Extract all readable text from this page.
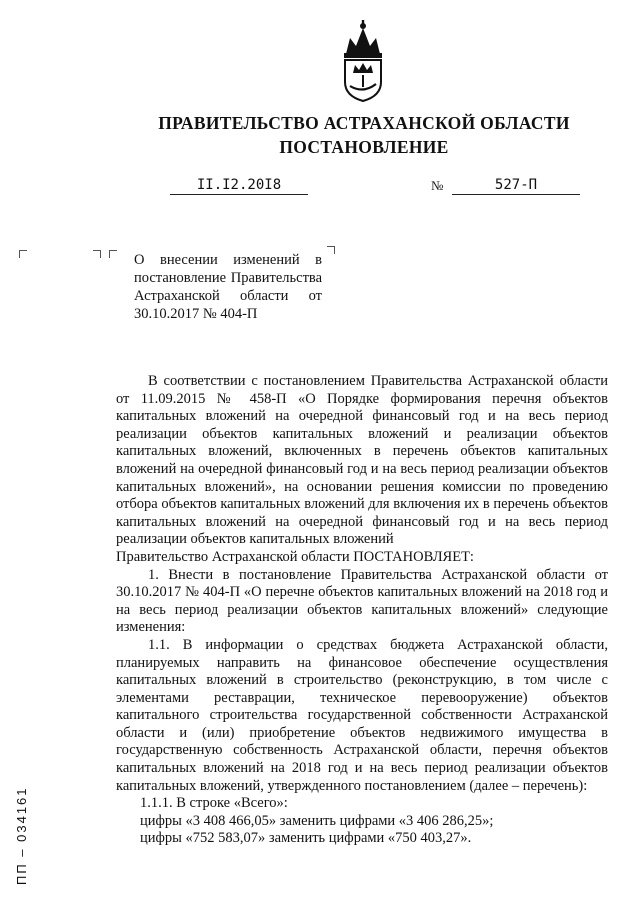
ПРАВИТЕЛЬСТВО АСТРАХАНСКОЙ ОБЛАСТИ
ПОСТАНОВЛЕНИЕ
II.I2.20I8	№	527-П
О внесении изменений в постановление Правительства Астраханской области от 30.10.2017 № 404-П

В соответствии с постановлением Правительства Астраханской области от 11.09.2015 № 458-П «О Порядке формирования перечня объектов капитальных вложений на очередной финансовый год и на весь период реализации объектов капитальных вложений и реализации объектов капитальных вложений, включенных в перечень объектов капитальных вложений на очередной финансовый год и на весь период реализации объектов капитальных вложений», на основании решения комиссии по проведению отбора объектов капитальных вложений для включения их в перечень объектов капитальных вложений на очередной финансовый год и на весь период реализации объектов капитальных вложений

Правительство Астраханской области ПОСТАНОВЛЯЕТ:

1. Внести в постановление Правительства Астраханской области от 30.10.2017 № 404-П «О перечне объектов капитальных вложений на 2018 год и на весь период реализации объектов капитальных вложений» следующие изменения:

1.1. В информации о средствах бюджета Астраханской области, планируемых направить на финансовое обеспечение осуществления капитальных вложений в строительство (реконструкцию, в том числе с элементами реставрации, техническое перевооружение) объектов капитального строительства государственной собственности Астраханской области и (или) приобретение объектов недвижимого имущества в государственную собственность Астраханской области, перечня объектов капитальных вложений на 2018 год и на весь период реализации объектов капитальных вложений, утвержденного постановлением (далее – перечень):

1.1.1. В строке «Всего»:

цифры «3 408 466,05» заменить цифрами «3 406 286,25»;

цифры «752 583,07» заменить цифрами «750 403,27».

ПП – 034161
